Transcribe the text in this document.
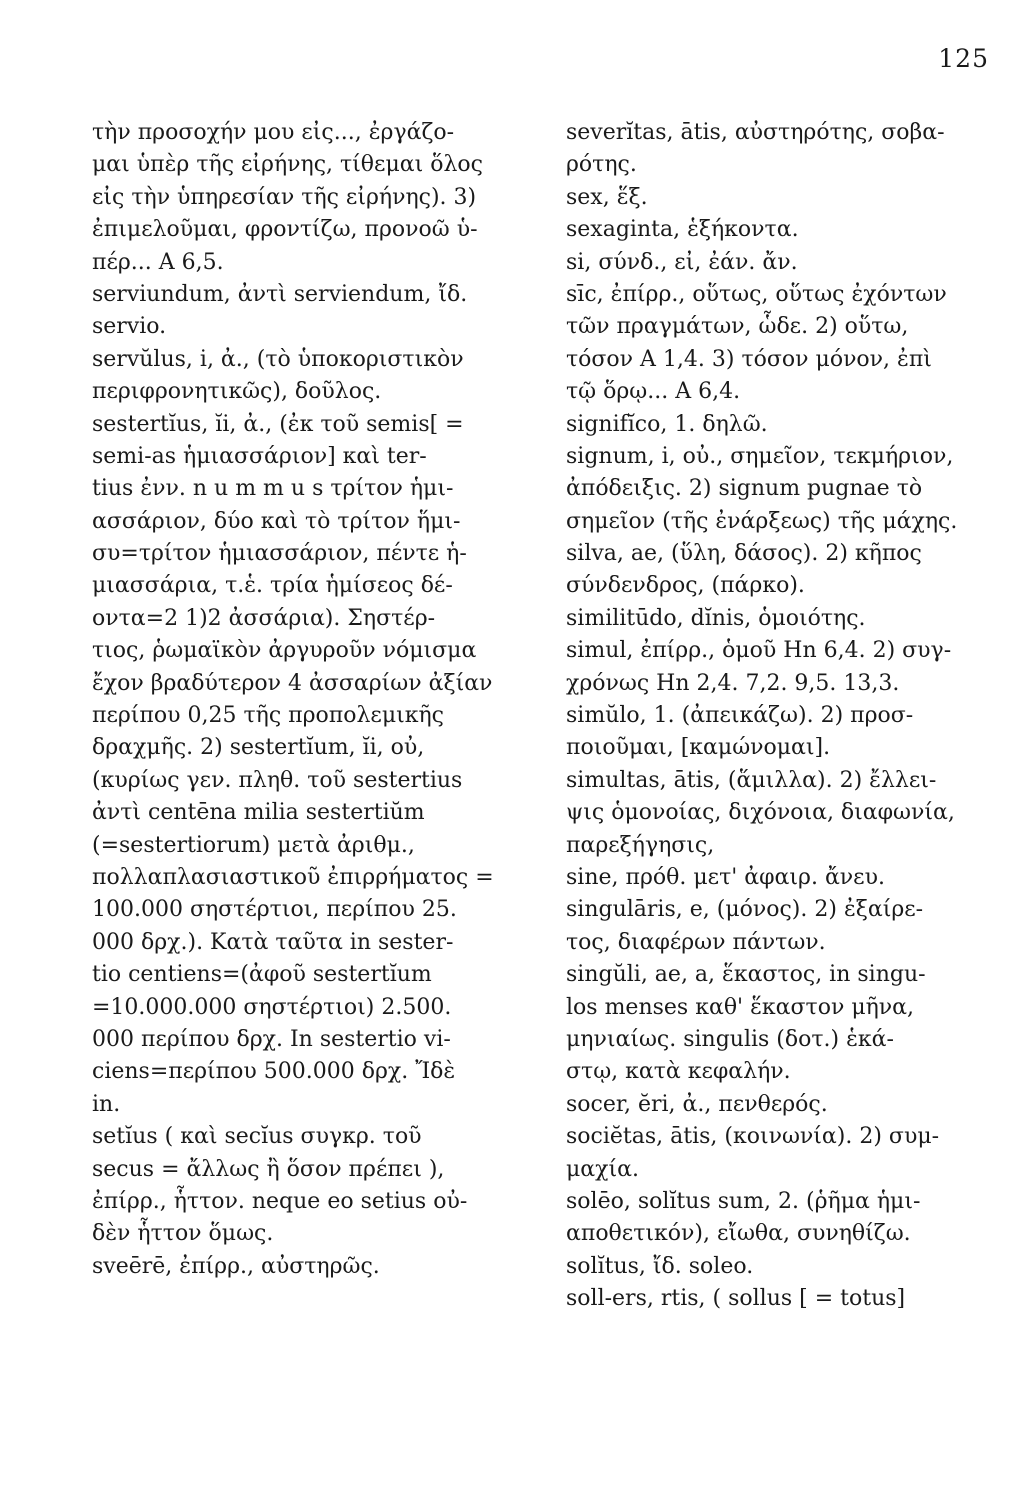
125
τὴν προσοχήν μου εἰς..., ἐργάζο-
μαι ὑπὲρ τῆς εἰρήνης, τίθεμαι ὅλος
εἰς τὴν ὑπηρεσίαν τῆς εἰρήνης). 3)
ἐπιμελοῦμαι, φροντίζω, προνοῶ ὑ-
πέρ... A 6,5.
serviundum, ἀντὶ serviendum, ἴδ.
servio.
servŭlus, i, ἀ., (τὸ ὑποκοριστικὸν
περιφρονητικῶς), δοῦλος.
sestertĭus, ĭi, ἀ., (ἐκ τοῦ semis[ =
semi-as ἡμιασσάριον] καὶ ter-
tius ἐνν. n u m m u s τρίτον ἡμι-
ασσάριον, δύο καὶ τὸ τρίτον ἥμι-
συ=τρίτον ἡμιασσάριον, πέντε ἡ-
μιασσάρια, τ.ἑ. τρία ἡμίσεος δέ-
οντα=2 1)2 ἀσσάρια). Σηστέρ-
τιος, ῥωμαϊκὸν ἀργυροῦν νόμισμα
ἔχον βραδύτερον 4 ἀσσαρίων ἀξίαν
περίπου 0,25 τῆς προπολεμικῆς
δραχμῆς. 2) sestertĭum, ĭi, οὐ,
(κυρίως γεν. πληθ. τοῦ sestertius
ἀντὶ centēna milia sestertiŭm
(=sestertiorum) μετὰ ἀριθμ.,
πολλαπλασιαστικοῦ ἐπιρρήματος =
100.000 σηστέρτιοι, περίπου 25.
000 δρχ.). Κατὰ ταῦτα in sester-
tio centiens=(ἀφοῦ sestertĭum
=10.000.000 σηστέρτιοι) 2.500.
000 περίπου δρχ. In sestertio vi-
ciens=περίπου 500.000 δρχ. Ἴδὲ
in.
setĭus ( καὶ secĭus συγκρ. τοῦ
secus = ἄλλως ἢ ὅσον πρέπει ),
ἐπίρρ., ἧττον. neque eo setius οὐ-
δὲν ἧττον ὅμως.
sveērē, ἐπίρρ., αὐστηρῶς.
severĭtas, ātis, αὐστηρότης, σοβα-
ρότης.
sex, ἕξ.
sexaginta, ἑξήκοντα.
si, σύνδ., εἰ, ἐάν. ἄν.
sīc, ἐπίρρ., οὕτως, οὕτως ἐχόντων
τῶν πραγμάτων, ὧδε. 2) οὕτω,
τόσον A 1,4. 3) τόσον μόνον, ἐπὶ
τῷ ὅρῳ... A 6,4.
signifĭco, 1. δηλῶ.
signum, i, οὐ., σημεῖον, τεκμήριον,
ἀπόδειξις. 2) signum pugnae τὸ
σημεῖον (τῆς ἐνάρξεως) τῆς μάχης.
silva, ae, (ὕλη, δάσος). 2) κῆπος
σύνδενδρος, (πάρκο).
similitūdo, dĭnis, ὁμοιότης.
simul, ἐπίρρ., ὁμοῦ Hn 6,4. 2) συγ-
χρόνως Hn 2,4. 7,2. 9,5. 13,3.
simŭlo, 1. (ἀπεικάζω). 2) προσ-
ποιοῦμαι, [καμώνομαι].
simultas, ātis, (ἅμιλλα). 2) ἔλλει-
ψις ὁμονοίας, διχόνοια, διαφωνία,
παρεξήγησις,
sine, πρόθ. μετ' ἀφαιρ. ἄνευ.
singulāris, e, (μόνος). 2) ἐξαίρε-
τος, διαφέρων πάντων.
singŭli, ae, a, ἕκαστος, in singu-
los menses καθ' ἕκαστον μῆνα,
μηνιαίως. singulis (δοτ.) ἑκά-
στῳ, κατὰ κεφαλήν.
socer, ĕri, ἀ., πενθερός.
sociĕtas, ātis, (κοινωνία). 2) συμ-
μαχία.
solēo, solĭtus sum, 2. (ῥῆμα ἡμι-
αποθετικόν), εἴωθα, συνηθίζω.
solĭtus, ἴδ. soleo.
soll-ers, rtis, ( sollus [ = totus]
